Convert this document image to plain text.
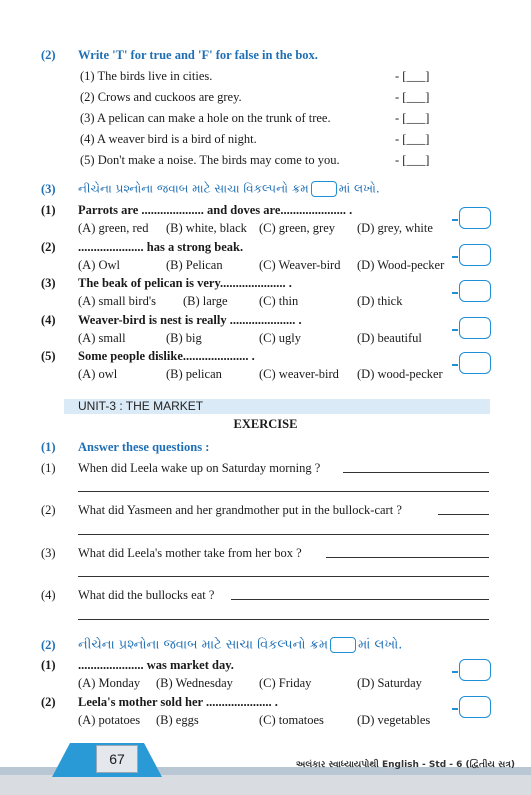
(2) Write 'T' for true and 'F' for false in the box.
(1) The birds live in cities.	- [___]
(2) Crows and cuckoos are grey.	- [___]
(3) A pelican can make a hole on the trunk of tree.	- [___]
(4) A weaver bird is a bird of night.	- [___]
(5) Don't make a noise. The birds may come to you.	- [___]
(3) નીચેના પ્રશ્નોના જવાબ માટે સાચા વિકલ્પનો ક્રમ	માં લખો.
(1) Parrots are .................... and doves are..................... .
(A) green, red (B) white, black (C) green, grey (D) grey, white
(2) ..................... has a strong beak.
(A) Owl	(B) Pelican	(C) Weaver-bird (D) Wood-pecker
(3) The beak of pelican is very..................... .
(A) small bird's (B) large	(C) thin	(D) thick
(4) Weaver-bird is nest is really ..................... .
(A) small	(B) big	(C) ugly	(D) beautiful
(5) Some people dislike..................... .
(A) owl	(B) pelican	(C) weaver-bird (D) wood-pecker
UNIT-3 : THE MARKET
EXERCISE
(1) Answer these questions :
(1) When did Leela wake up on Saturday morning ?
(2) What did Yasmeen and her grandmother put in the bullock-cart ?
(3) What did Leela's mother take from her box ?
(4) What did the bullocks eat ?
(2) નીચેના પ્રશ્નોના જવાબ માટે સાચા વિકલ્પનો ક્રમ માં લખો.
(1) ..................... was market day.
(A) Monday (B) Wednesday (C) Friday	(D) Saturday
(2) Leela's mother sold her ..................... .
(A) potatoes (B) eggs	(C) tomatoes	(D) vegetables
67	અલંકાર સ્વાધ્યાયપોથી English - Std - 6 (દ્વિતીય સત્ર)
